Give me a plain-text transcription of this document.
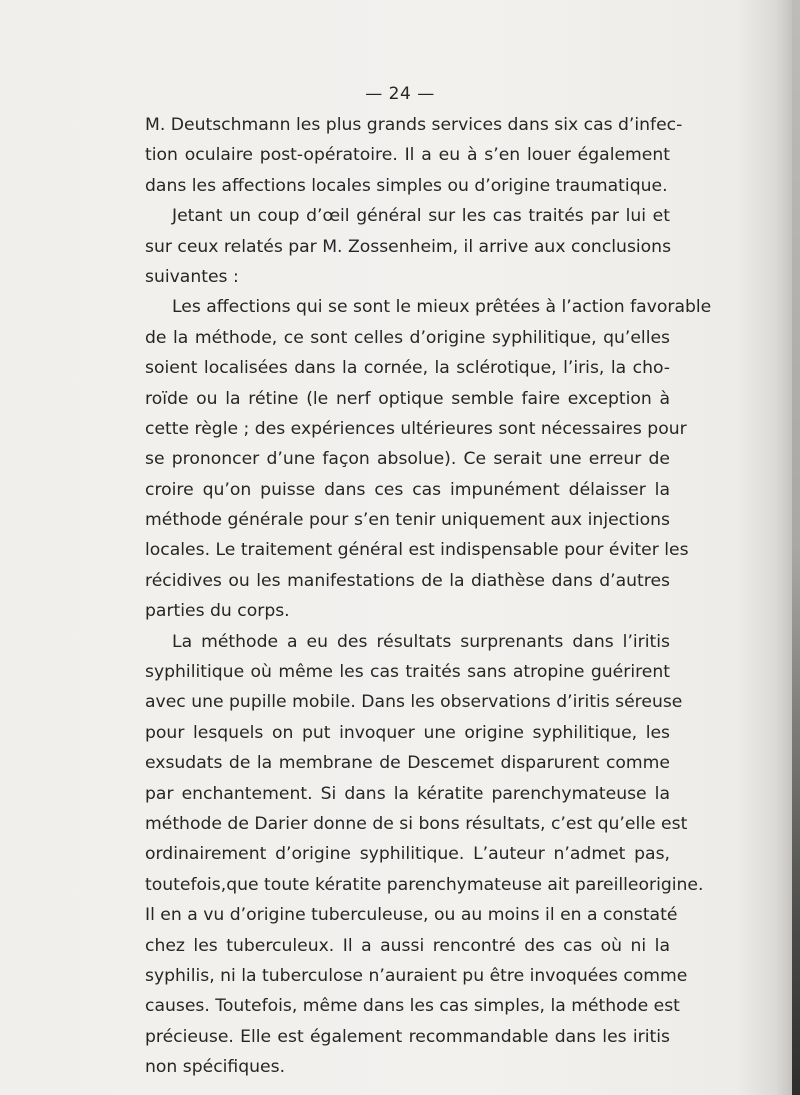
— 24 —
M. Deutschmann les plus grands services dans six cas d’infec-
tion oculaire post-opératoire. Il a eu à s’en louer également
dans les affections locales simples ou d’origine traumatique.
Jetant un coup d’œil général sur les cas traités par lui et
sur ceux relatés par M. Zossenheim, il arrive aux conclusions
suivantes :
Les affections qui se sont le mieux prêtées à l’action favorable
de la méthode, ce sont celles d’origine syphilitique, qu’elles
soient localisées dans la cornée, la sclérotique, l’iris, la cho-
roïde ou la rétine (le nerf optique semble faire exception à
cette règle ; des expériences ultérieures sont nécessaires pour
se prononcer d’une façon absolue). Ce serait une erreur de
croire qu’on puisse dans ces cas impunément délaisser la
méthode générale pour s’en tenir uniquement aux injections
locales. Le traitement général est indispensable pour éviter les
récidives ou les manifestations de la diathèse dans d’autres
parties du corps.
La méthode a eu des résultats surprenants dans l’iritis
syphilitique où même les cas traités sans atropine guérirent
avec une pupille mobile. Dans les observations d’iritis séreuse
pour lesquels on put invoquer une origine syphilitique, les
exsudats de la membrane de Descemet disparurent comme
par enchantement. Si dans la kératite parenchymateuse la
méthode de Darier donne de si bons résultats, c’est qu’elle est
ordinairement d’origine syphilitique. L’auteur n’admet pas,
toutefois,que toute kératite parenchymateuse ait pareilleorigine.
Il en a vu d’origine tuberculeuse, ou au moins il en a constaté
chez les tuberculeux. Il a aussi rencontré des cas où ni la
syphilis, ni la tuberculose n’auraient pu être invoquées comme
causes. Toutefois, même dans les cas simples, la méthode est
précieuse. Elle est également recommandable dans les iritis
non spécifiques.
